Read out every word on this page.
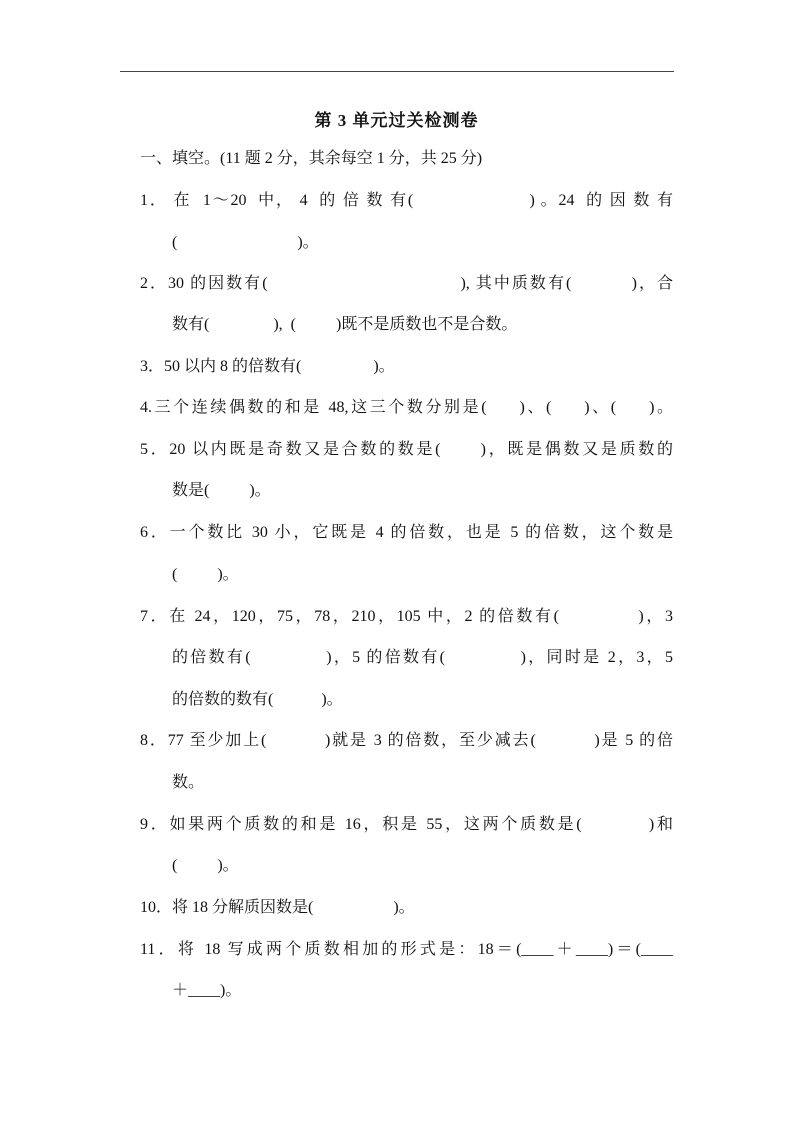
第 3 单元过关检测卷
一、填空。(11 题 2 分，其余每空 1 分，共 25 分)
1． 在  1～20  中， 4  的 倍 数 有(                    ) 。24  的 因 数 有
(                              )。
2．30 的因数有(                                ), 其中质数有(          )，合
数有(                ),  (          )既不是质数也不是合数。
3．50 以内 8 的倍数有(                  )。
4.三个连续偶数的和是 48,这三个数分别是(     )、(     )、(     )。
5．20 以内既是奇数又是合数的数是(      )，既是偶数又是质数的
数是(          )。
6．一个数比 30 小，它既是 4 的倍数，也是 5 的倍数，这个数是
(          )。
7．在 24，120，75，78，210，105 中，2 的倍数有(            )，3
的倍数有(            )，5 的倍数有(            )，同时是 2，3，5
的倍数的数有(            )。
8．77 至少加上(          )就是 3 的倍数，至少减去(          )是 5 的倍
数。
9．如果两个质数的和是 16，积是 55，这两个质数是(          )和
(          )。
10．将 18 分解质因数是(                    )。
11．将 18 写成两个质数相加的形式是：18＝(____＋____)＝(____
＋____)。
